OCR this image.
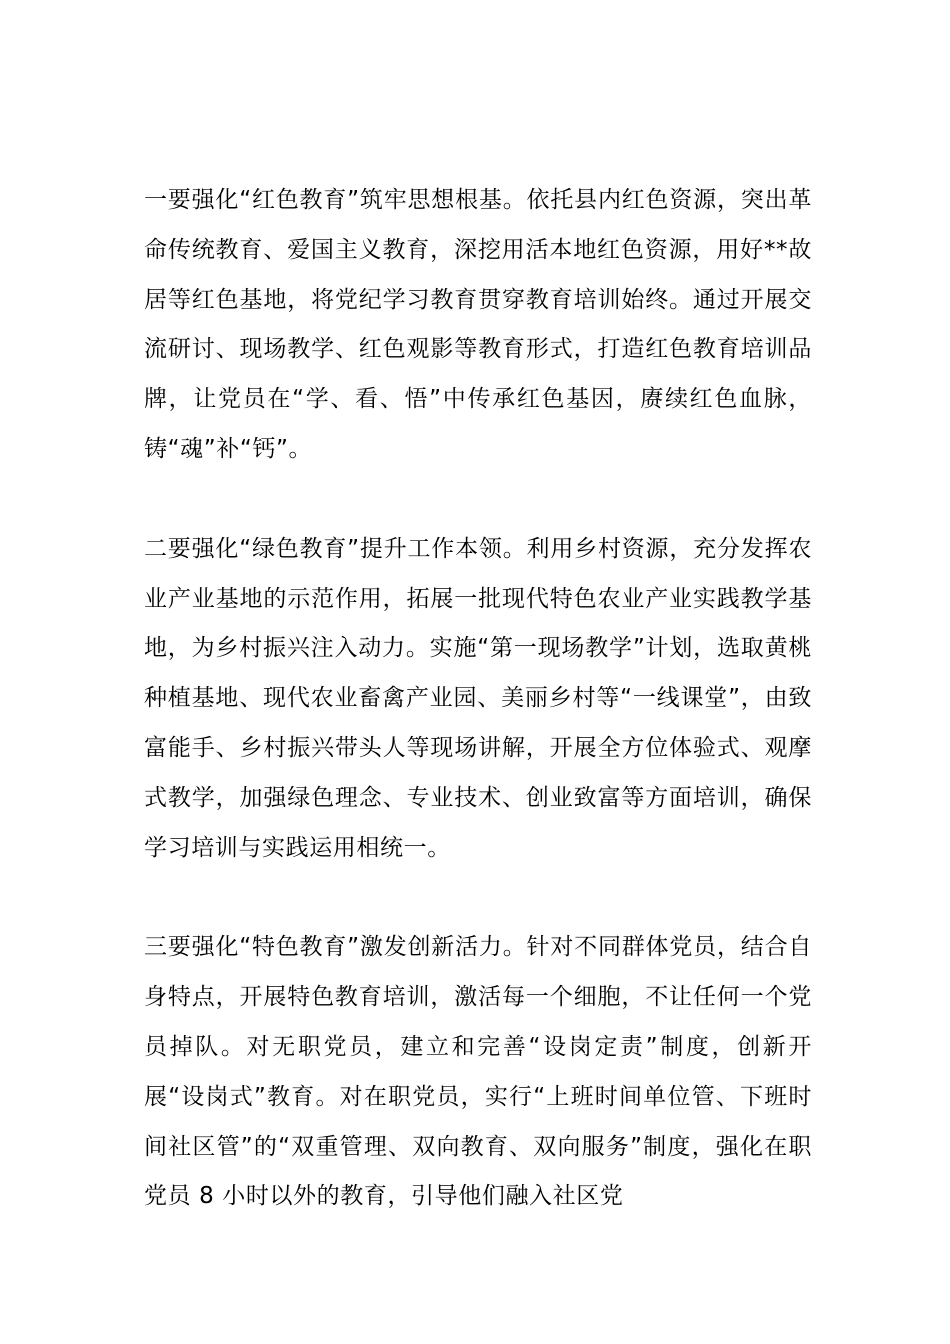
一要强化“红色教育”筑牢思想根基。依托县内红色资源，突出革命传统教育、爱国主义教育，深挖用活本地红色资源，用好**故居等红色基地，将党纪学习教育贯穿教育培训始终。通过开展交流研讨、现场教学、红色观影等教育形式，打造红色教育培训品牌，让党员在“学、看、悟”中传承红色基因，赓续红色血脉，铸“魂”补“钙”。

二要强化“绿色教育”提升工作本领。利用乡村资源，充分发挥农业产业基地的示范作用，拓展一批现代特色农业产业实践教学基地，为乡村振兴注入动力。实施“第一现场教学”计划，选取黄桃种植基地、现代农业畜禽产业园、美丽乡村等“一线课堂”，由致富能手、乡村振兴带头人等现场讲解，开展全方位体验式、观摩式教学，加强绿色理念、专业技术、创业致富等方面培训，确保学习培训与实践运用相统一。

三要强化“特色教育”激发创新活力。针对不同群体党员，结合自身特点，开展特色教育培训，激活每一个细胞，不让任何一个党员掉队。对无职党员，建立和完善“设岗定责”制度，创新开展“设岗式”教育。对在职党员，实行“上班时间单位管、下班时间社区管”的“双重管理、双向教育、双向服务”制度，强化在职党员 8 小时以外的教育，引导他们融入社区党
